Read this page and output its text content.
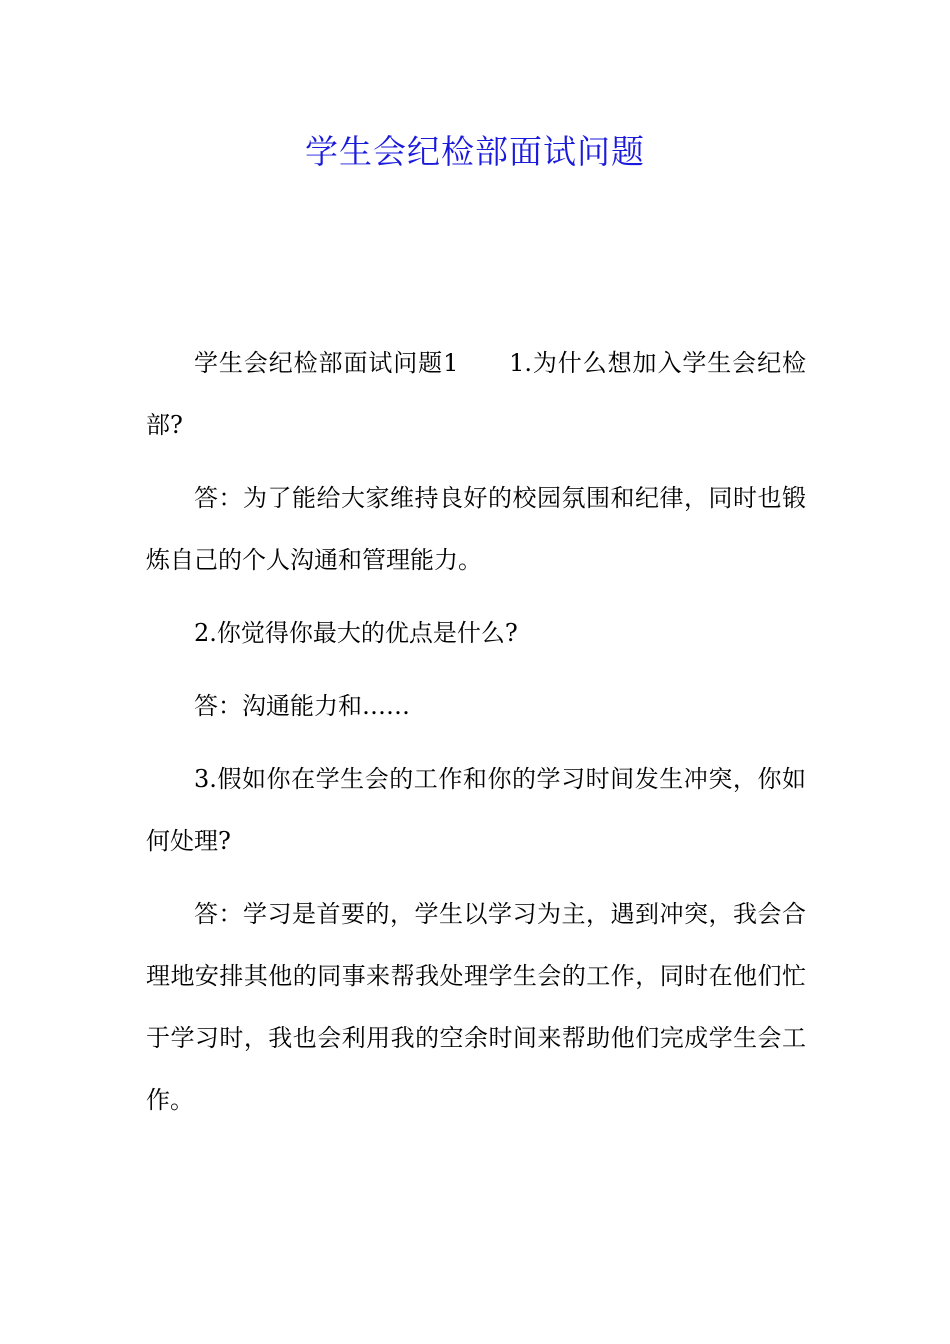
学生会纪检部面试问题

学生会纪检部面试问题1　　1.为什么想加入学生会纪检部?

答：为了能给大家维持良好的校园氛围和纪律，同时也锻炼自己的个人沟通和管理能力。

2.你觉得你最大的优点是什么?

答：沟通能力和……

3.假如你在学生会的工作和你的学习时间发生冲突，你如何处理?

答：学习是首要的，学生以学习为主，遇到冲突，我会合理地安排其他的同事来帮我处理学生会的工作，同时在他们忙于学习时，我也会利用我的空余时间来帮助他们完成学生会工作。
